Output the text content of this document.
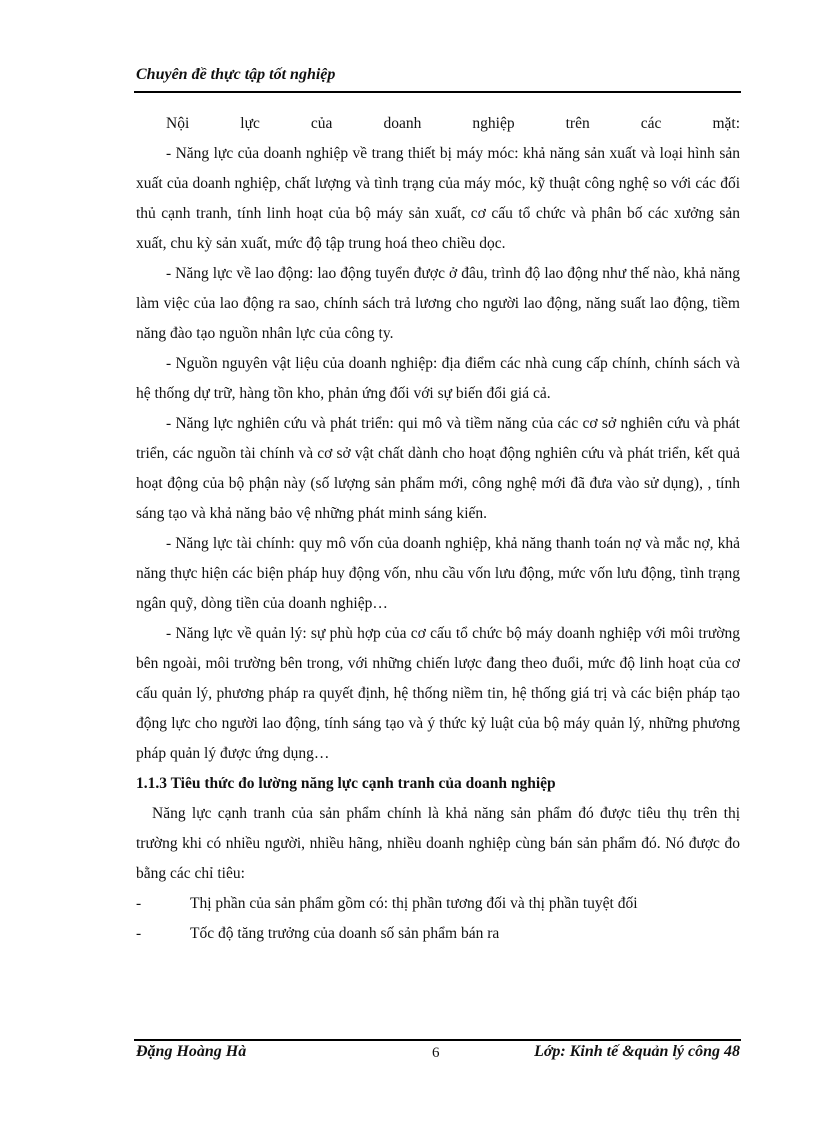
Chuyên đề thực tập tốt nghiệp

Nội lực của doanh nghiệp trên các mặt:

- Năng lực của doanh nghiệp về trang thiết bị máy móc: khả năng sản xuất và loại hình sản xuất của doanh nghiệp, chất lượng và tình trạng của máy móc, kỹ thuật công nghệ so với các đối thủ cạnh tranh, tính linh hoạt của bộ máy sản xuất, cơ cấu tổ chức và phân bố các xưởng sản xuất, chu kỳ sản xuất, mức độ tập trung hoá theo chiều dọc.

- Năng lực về lao động: lao động tuyển được ở đâu, trình độ lao động như thế nào, khả năng làm việc của lao động ra sao, chính sách trả lương cho người lao động, năng suất lao động, tiềm năng đào tạo nguồn nhân lực của công ty.

- Nguồn nguyên vật liệu của doanh nghiệp: địa điểm các nhà cung cấp chính, chính sách và hệ thống dự trữ, hàng tồn kho, phản ứng đối với sự biến đổi giá cả.

- Năng lực nghiên cứu và phát triển: qui mô và tiềm năng của các cơ sở nghiên cứu và phát triển, các nguồn tài chính và cơ sở vật chất dành cho hoạt động nghiên cứu và phát triển, kết quả hoạt động của bộ phận này (số lượng sản phẩm mới, công nghệ mới đã đưa vào sử dụng), , tính sáng tạo và khả năng bảo vệ những phát minh sáng kiến.

- Năng lực tài chính: quy mô vốn của doanh nghiệp, khả năng thanh toán nợ và mắc nợ, khả năng thực hiện các biện pháp huy động vốn, nhu cầu vốn lưu động, mức vốn lưu động, tình trạng ngân quỹ, dòng tiền của doanh nghiệp…

- Năng lực về quản lý: sự phù hợp của cơ cấu tổ chức bộ máy doanh nghiệp với môi trường bên ngoài, môi trường bên trong, với những chiến lược đang theo đuổi, mức độ linh hoạt của cơ cấu quản lý, phương pháp ra quyết định, hệ thống niềm tin, hệ thống giá trị và các biện pháp tạo động lực cho người lao động, tính sáng tạo và ý thức kỷ luật của bộ máy quản lý, những phương pháp quản lý được ứng dụng…

1.1.3 Tiêu thức đo lường năng lực cạnh tranh của doanh nghiệp

Năng lực cạnh tranh của sản phẩm chính là khả năng sản phẩm đó được tiêu thụ trên thị trường khi có nhiều người, nhiều hãng, nhiều doanh nghiệp cùng bán sản phẩm đó. Nó được đo bằng các chỉ tiêu:

-	Thị phần của sản phẩm gồm có: thị phần tương đối và thị phần tuyệt đối
-	Tốc độ tăng trưởng của doanh số sản phẩm bán ra
Đặng Hoàng Hà	6	Lớp: Kinh tế &quản lý công 48
